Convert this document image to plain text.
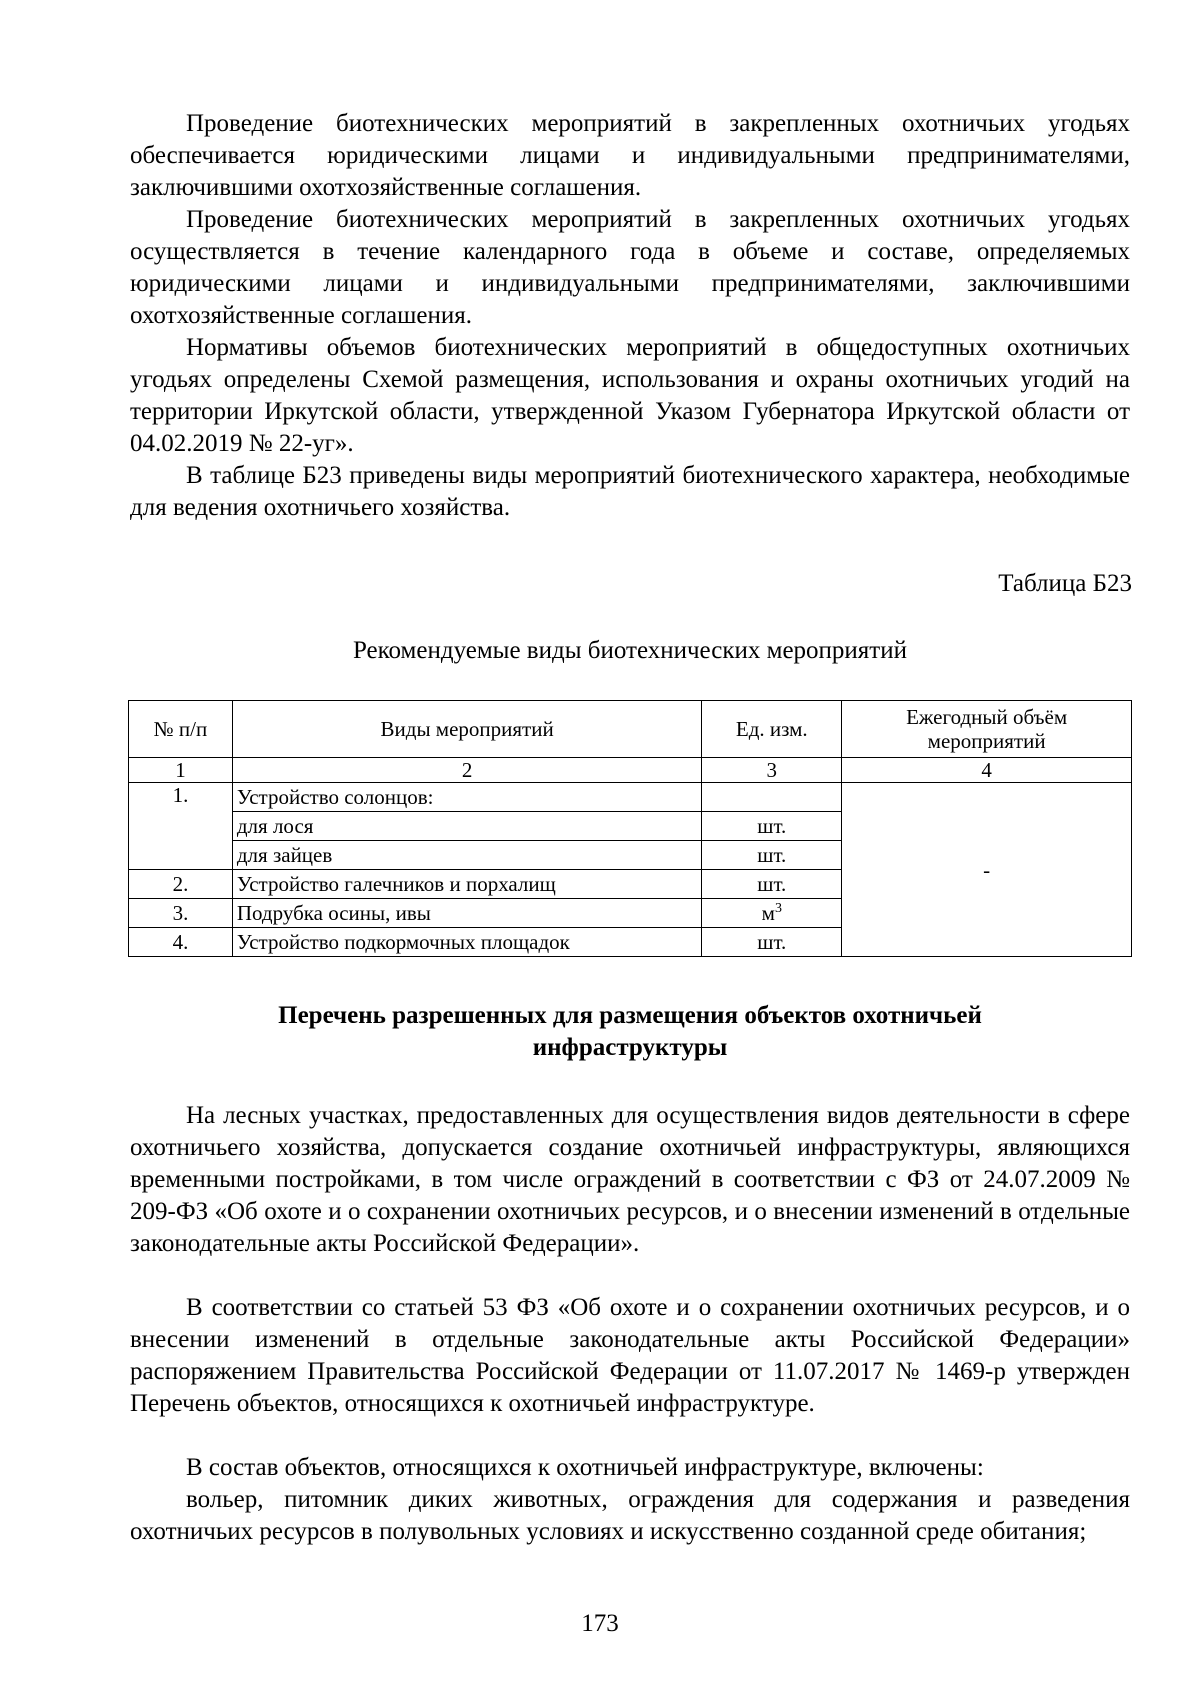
Проведение биотехнических мероприятий в закрепленных охотничьих угодьях обеспечивается юридическими лицами и индивидуальными предпринимателями, заключившими охотхозяйственные соглашения.

Проведение биотехнических мероприятий в закрепленных охотничьих угодьях осуществляется в течение календарного года в объеме и составе, определяемых юридическими лицами и индивидуальными предпринимателями, заключившими охотхозяйственные соглашения.

Нормативы объемов биотехнических мероприятий в общедоступных охотничьих угодьях определены Схемой размещения, использования и охраны охотничьих угодий на территории Иркутской области, утвержденной Указом Губернатора Иркутской области от 04.02.2019 № 22-уг».

В таблице Б23 приведены виды мероприятий биотехнического характера, необходимые для ведения охотничьего хозяйства.

Таблица Б23

Рекомендуемые виды биотехнических мероприятий

№ п/п	Виды мероприятий	Ед. изм.	Ежегодный объём мероприятий
1	2	3	4
1.	Устройство солонцов:		-
	для лося	шт.	
	для зайцев	шт.	
2.	Устройство галечников и порхалищ	шт.	
3.	Подрубка осины, ивы	$м^3$
4.	Устройство подкормочных площадок	шт.	
Перечень разрешенных для размещения объектов охотничьей
инфраструктуры

На лесных участках, предоставленных для осуществления видов деятельности в сфере охотничьего хозяйства, допускается создание охотничьей инфраструктуры, являющихся временными постройками, в том числе ограждений в соответствии с ФЗ от 24.07.2009 № 209-ФЗ «Об охоте и о сохранении охотничьих ресурсов, и о внесении изменений в отдельные законодательные акты Российской Федерации».

В соответствии со статьей 53 ФЗ «Об охоте и о сохранении охотничьих ресурсов, и о внесении изменений в отдельные законодательные акты Российской Федерации» распоряжением Правительства Российской Федерации от 11.07.2017 № 1469-р утвержден Перечень объектов, относящихся к охотничьей инфраструктуре.

В состав объектов, относящихся к охотничьей инфраструктуре, включены:

вольер, питомник диких животных, ограждения для содержания и разведения охотничьих ресурсов в полувольных условиях и искусственно созданной среде обитания;

173
